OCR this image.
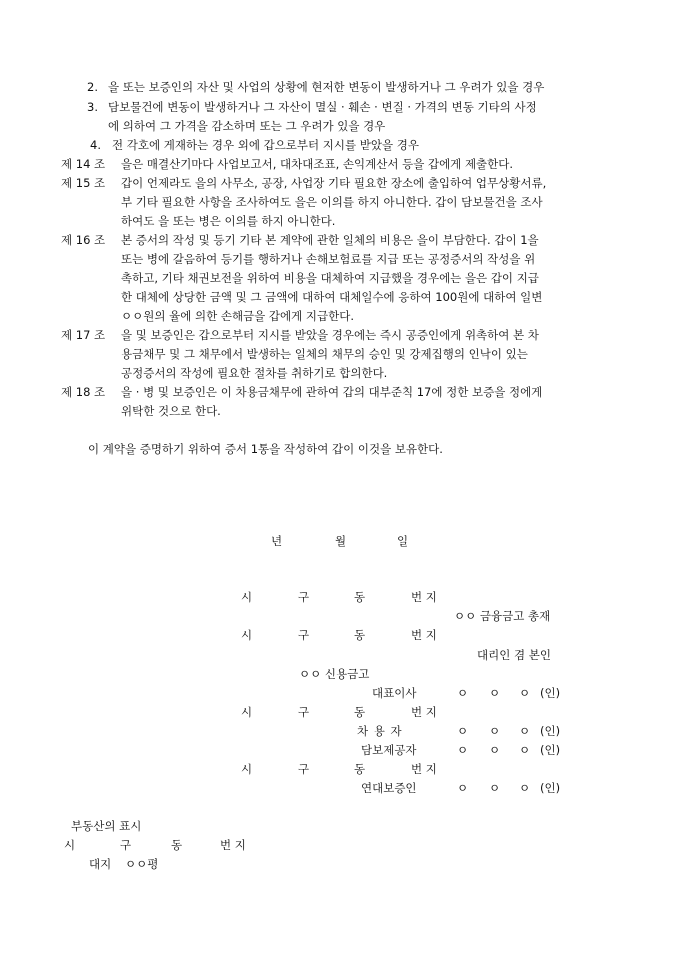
2. 을 또는 보증인의 자산 및 사업의 상황에 현저한 변동이 발생하거나 그 우려가 있을 경우
3. 담보물건에 변동이 발생하거나 그 자산이 멸실 · 훼손 · 변질 · 가격의 변동 기타의 사정
에 의하여 그 가격을 감소하며 또는 그 우려가 있을 경우
4. 전 각호에 게재하는 경우 외에 갑으로부터 지시를 받았을 경우
제 14 조 을은 매결산기마다 사업보고서, 대차대조표, 손익계산서 등을 갑에게 제출한다.
제 15 조 갑이 언제라도 을의 사무소, 공장, 사업장 기타 필요한 장소에 출입하여 업무상황서류,
부 기타 필요한 사항을 조사하여도 을은 이의를 하지 아니한다. 갑이 담보물건을 조사
하여도 을 또는 병은 이의를 하지 아니한다.
제 16 조 본 증서의 작성 및 등기 기타 본 계약에 관한 일체의 비용은 을이 부담한다. 갑이 1을
또는 병에 갈음하여 등기를 행하거나 손해보험료를 지급 또는 공정증서의 작성을 위
촉하고, 기타 채권보전을 위하여 비용을 대체하여 지급했을 경우에는 을은 갑이 지급
한 대체에 상당한 금액 및 그 금액에 대하여 대체일수에 응하여 100원에 대하여 일변
ㅇㅇ원의 율에 의한 손해금을 갑에게 지급한다.
제 17 조 을 및 보증인은 갑으로부터 지시를 받았을 경우에는 즉시 공증인에게 위촉하여 본 차
용금채무 및 그 채무에서 발생하는 일체의 채무의 승인 및 강제집행의 인낙이 있는
공정증서의 작성에 필요한 절차를 취하기로 합의한다.
제 18 조 을 · 병 및 보증인은 이 차용금채무에 관하여 갑의 대부준칙 17에 정한 보증을 정에게
위탁한 것으로 한다.
이 계약을 증명하기 위하여 증서 1통을 작성하여 갑이 이것을 보유한다.
년	월	일
시	구	동	번 지
ㅇㅇ 금융금고 총재
시	구	동	번 지
대리인 겸 본인
ㅇㅇ 신용금고
대표이사	ㅇ ㅇ ㅇ (인)
시	구	동	번 지
차 용 자	ㅇ ㅇ ㅇ (인)
담보제공자	ㅇ ㅇ ㅇ (인)
시	구	동	번 지
연대보증인	ㅇ ㅇ ㅇ (인)
부동산의 표시
시	구	동	번 지
대지 ㅇㅇ평
